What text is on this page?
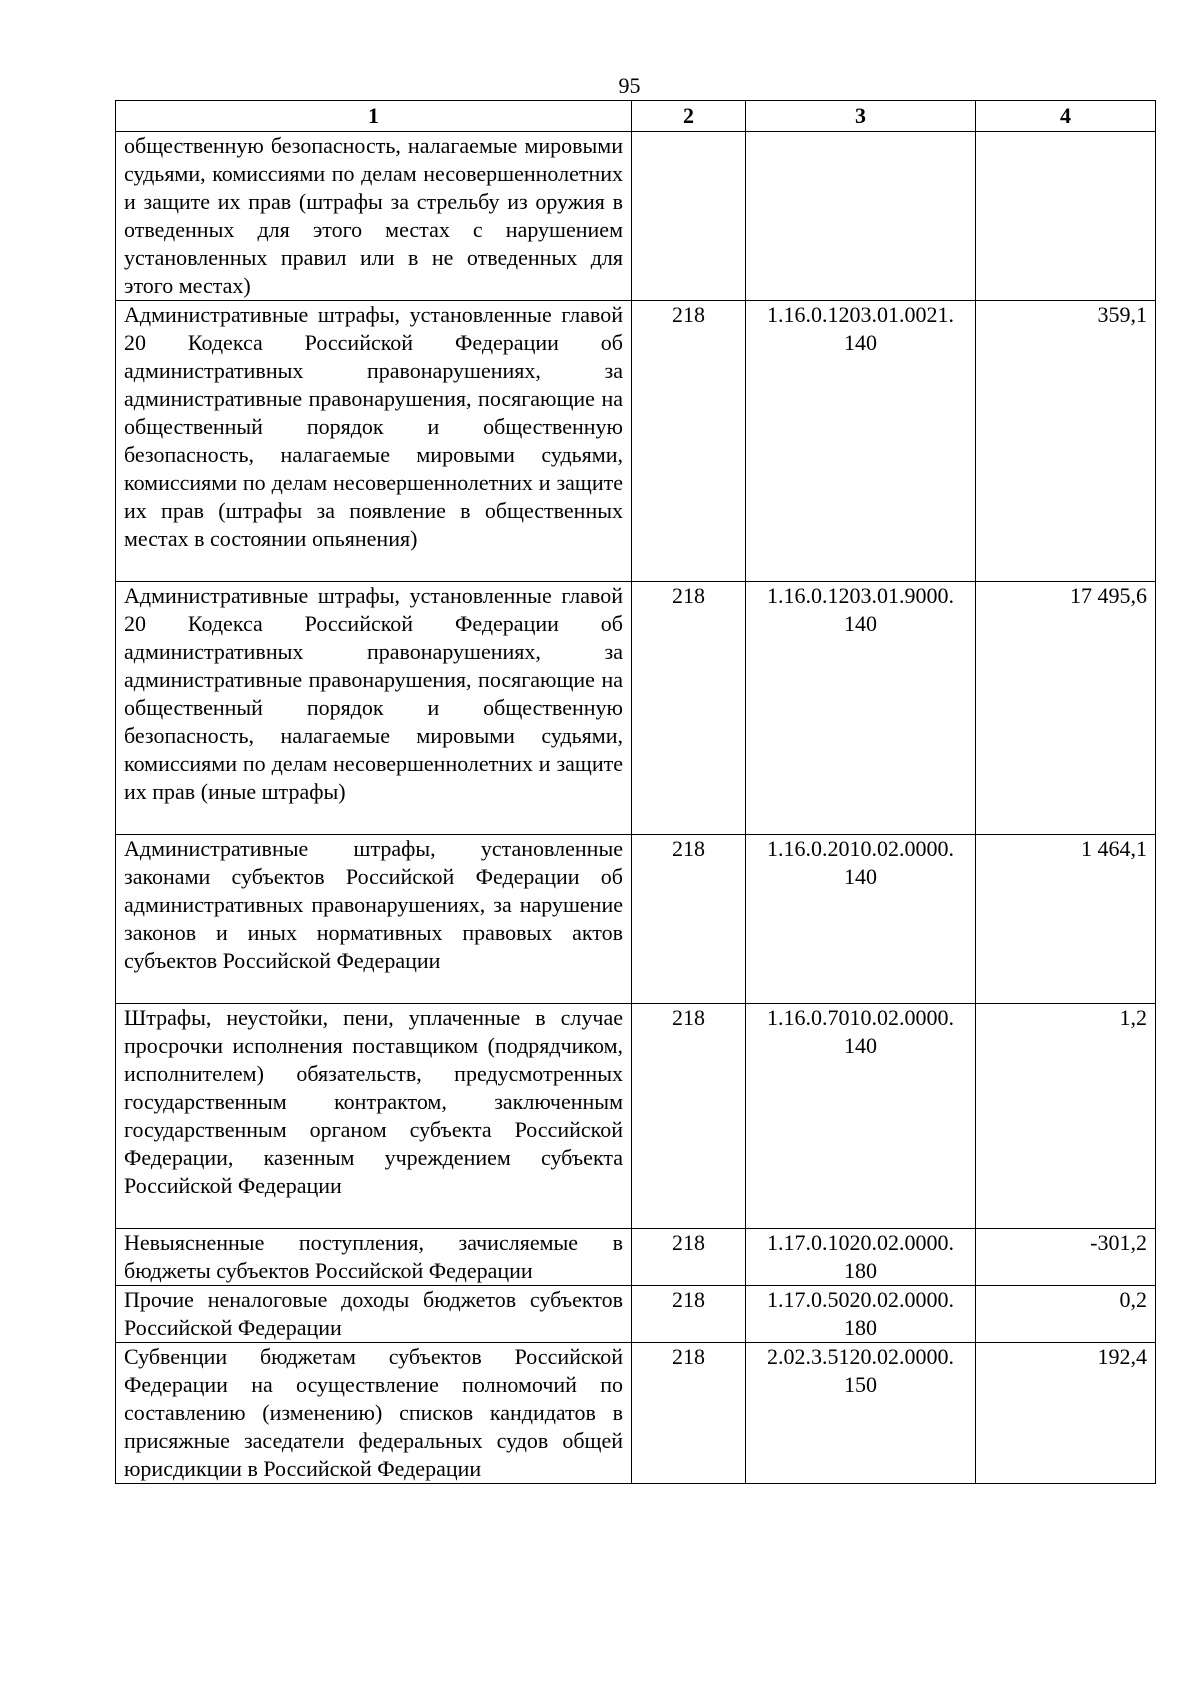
95
1	2	3	4
общественную безопасность, налагаемые мировыми судьями, комиссиями по делам несовершеннолетних и защите их прав (штрафы за стрельбу из оружия в отведенных для этого местах с нарушением установленных правил или в не отведенных для этого местах)			
Административные штрафы, установленные главой 20 Кодекса Российской Федерации об административных правонарушениях, за административные правонарушения, посягающие на общественный порядок и общественную безопасность, налагаемые мировыми судьями, комиссиями по делам несовершеннолетних и защите их прав (штрафы за появление в общественных местах в состоянии опьянения)	218	1.16.0.1203.01.0021. 140	359,1
Административные штрафы, установленные главой 20 Кодекса Российской Федерации об административных правонарушениях, за административные правонарушения, посягающие на общественный порядок и общественную безопасность, налагаемые мировыми судьями, комиссиями по делам несовершеннолетних и защите их прав (иные штрафы)	218	1.16.0.1203.01.9000. 140	17 495,6
Административные штрафы, установленные законами субъектов Российской Федерации об административных правонарушениях, за нарушение законов и иных нормативных правовых актов субъектов Российской Федерации	218	1.16.0.2010.02.0000. 140	1 464,1
Штрафы, неустойки, пени, уплаченные в случае просрочки исполнения поставщиком (подрядчиком, исполнителем) обязательств, предусмотренных государственным контрактом, заключенным государственным органом субъекта Российской Федерации, казенным учреждением субъекта Российской Федерации	218	1.16.0.7010.02.0000. 140	1,2
Невыясненные поступления, зачисляемые в бюджеты субъектов Российской Федерации	218	1.17.0.1020.02.0000. 180	-301,2
Прочие неналоговые доходы бюджетов субъектов Российской Федерации	218	1.17.0.5020.02.0000. 180	0,2
Субвенции бюджетам субъектов Российской Федерации на осуществление полномочий по составлению (изменению) списков кандидатов в присяжные заседатели федеральных судов общей юрисдикции в Российской Федерации	218	2.02.3.5120.02.0000. 150	192,4
